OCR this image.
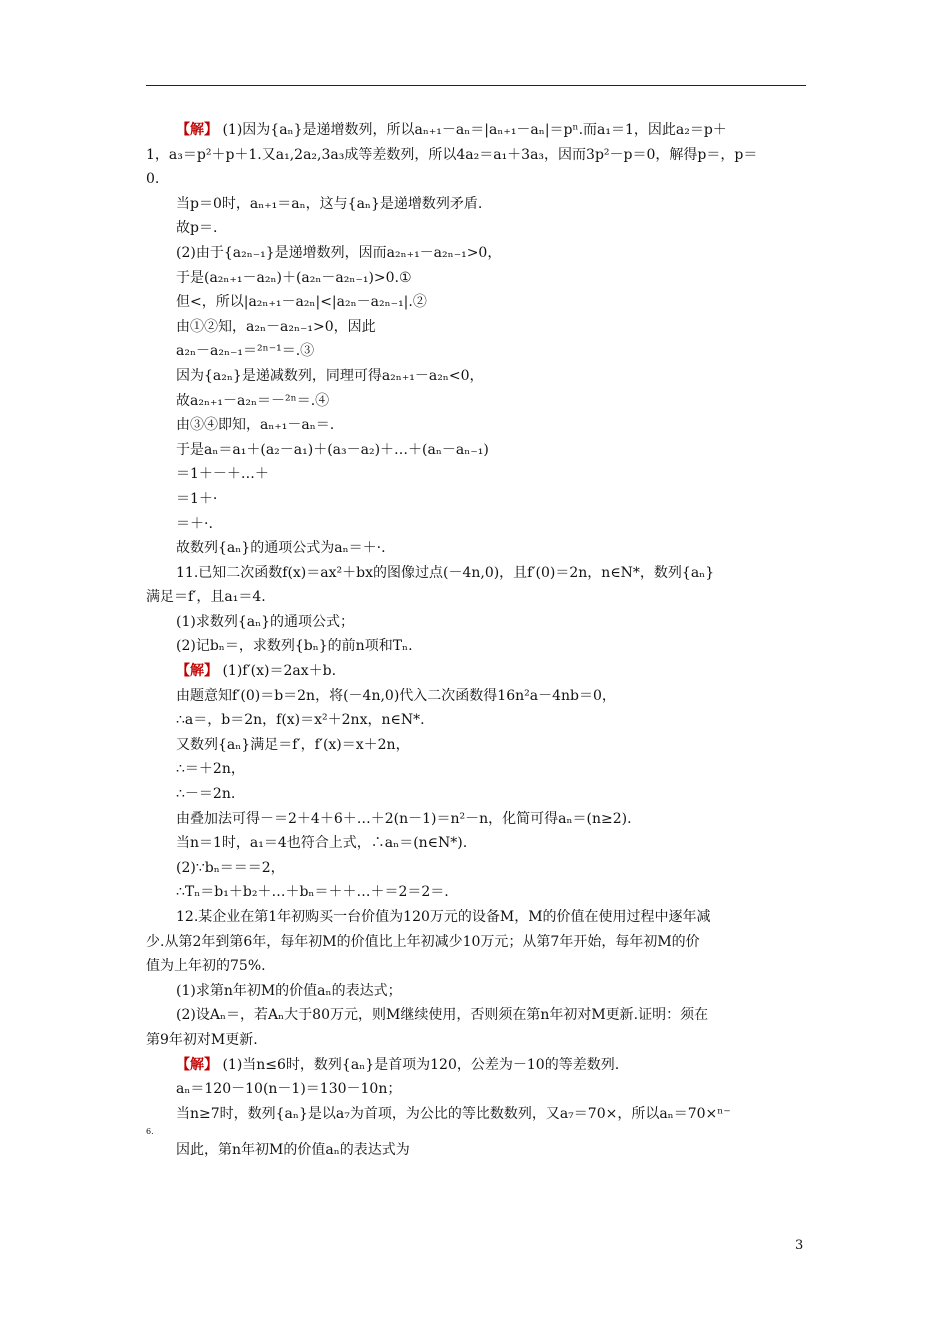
【解】 (1)因为{aₙ}是递增数列，所以aₙ₊₁－aₙ＝|aₙ₊₁－aₙ|＝pⁿ.而a₁＝1，因此a₂＝p＋
1，a₃＝p²＋p＋1.又a₁,2a₂,3a₃成等差数列，所以4a₂＝a₁＋3a₃，因而3p²－p＝0，解得p＝，p＝
0.
当p＝0时，aₙ₊₁＝aₙ，这与{aₙ}是递增数列矛盾.
故p＝.
(2)由于{a₂ₙ₋₁}是递增数列，因而a₂ₙ₊₁－a₂ₙ₋₁>0，
于是(a₂ₙ₊₁－a₂ₙ)＋(a₂ₙ－a₂ₙ₋₁)>0.①
但<，所以|a₂ₙ₊₁－a₂ₙ|<|a₂ₙ－a₂ₙ₋₁|.②
由①②知，a₂ₙ－a₂ₙ₋₁>0，因此
a₂ₙ－a₂ₙ₋₁＝²ⁿ⁻¹＝.③
因为{a₂ₙ}是递减数列，同理可得a₂ₙ₊₁－a₂ₙ<0，
故a₂ₙ₊₁－a₂ₙ＝－²ⁿ＝.④
由③④即知，aₙ₊₁－aₙ＝.
于是aₙ＝a₁＋(a₂－a₁)＋(a₃－a₂)＋…＋(aₙ－aₙ₋₁)
＝1＋－＋…＋
＝1＋·
＝＋·.
故数列{aₙ}的通项公式为aₙ＝＋·.
11.已知二次函数f(x)＝ax²＋bx的图像过点(－4n,0)，且f′(0)＝2n，n∈N*，数列{aₙ}
满足＝f′，且a₁＝4.
(1)求数列{aₙ}的通项公式；
(2)记bₙ＝，求数列{bₙ}的前n项和Tₙ.
【解】 (1)f′(x)＝2ax＋b.
由题意知f′(0)＝b＝2n，将(－4n,0)代入二次函数得16n²a－4nb＝0，
∴a＝，b＝2n，f(x)＝x²＋2nx，n∈N*.
又数列{aₙ}满足＝f′，f′(x)＝x＋2n，
∴＝＋2n，
∴－＝2n.
由叠加法可得－＝2＋4＋6＋…＋2(n－1)＝n²－n，化简可得aₙ＝(n≥2).
当n＝1时，a₁＝4也符合上式，∴aₙ＝(n∈N*).
(2)∵bₙ＝＝＝2，
∴Tₙ＝b₁＋b₂＋…＋bₙ＝＋＋…＋＝2＝2＝.
12.某企业在第1年初购买一台价值为120万元的设备M，M的价值在使用过程中逐年减
少.从第2年到第6年，每年初M的价值比上年初减少10万元；从第7年开始，每年初M的价
值为上年初的75%.
(1)求第n年初M的价值aₙ的表达式；
(2)设Aₙ＝，若Aₙ大于80万元，则M继续使用，否则须在第n年初对M更新.证明：须在
第9年初对M更新.
【解】 (1)当n≤6时，数列{aₙ}是首项为120，公差为－10的等差数列.
aₙ＝120－10(n－1)＝130－10n；
当n≥7时，数列{aₙ}是以a₇为首项，为公比的等比数数列，又a₇＝70×，所以aₙ＝70×ⁿ⁻
6.
因此，第n年初M的价值aₙ的表达式为
3
